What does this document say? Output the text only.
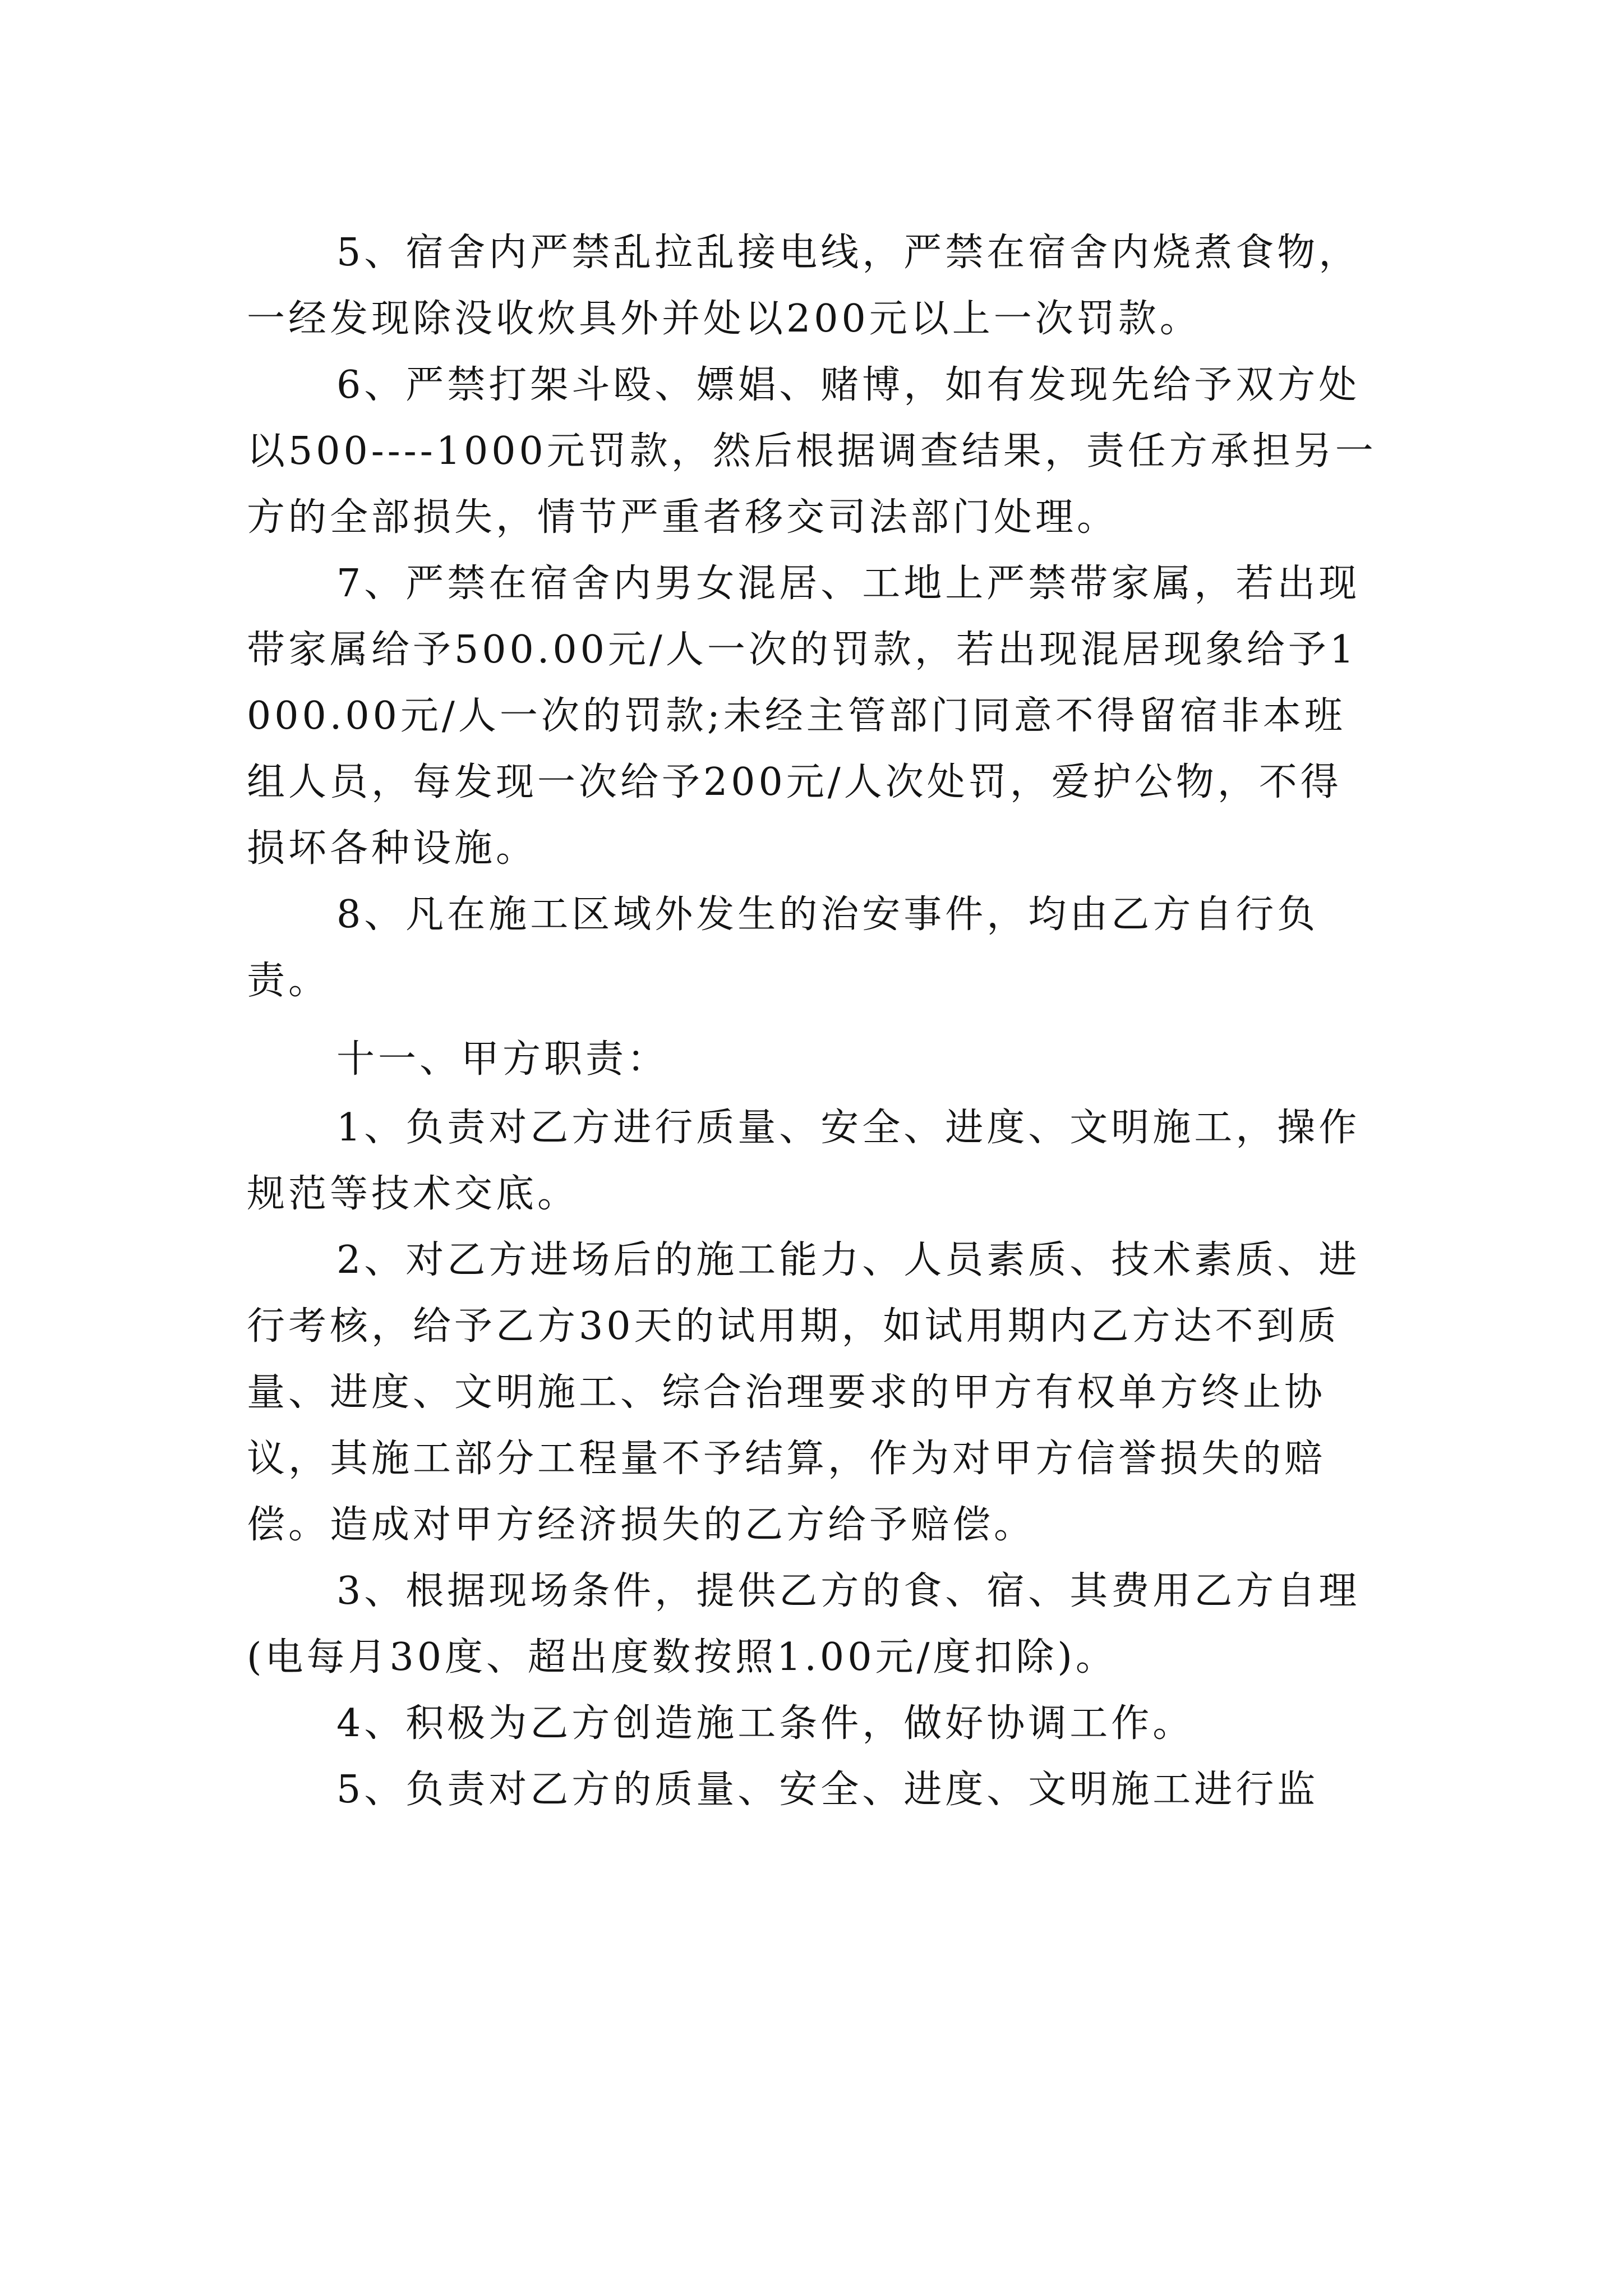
5、宿舍内严禁乱拉乱接电线，严禁在宿舍内烧煮食物，一经发现除没收炊具外并处以200元以上一次罚款。

6、严禁打架斗殴、嫖娼、赌博，如有发现先给予双方处以500----1000元罚款，然后根据调查结果，责任方承担另一方的全部损失，情节严重者移交司法部门处理。

7、严禁在宿舍内男女混居、工地上严禁带家属，若出现带家属给予500.00元/人一次的罚款，若出现混居现象给予1000.00元/人一次的罚款;未经主管部门同意不得留宿非本班组人员，每发现一次给予200元/人次处罚，爱护公物，不得损坏各种设施。

8、凡在施工区域外发生的治安事件，均由乙方自行负责。

十一、甲方职责：

1、负责对乙方进行质量、安全、进度、文明施工，操作规范等技术交底。

2、对乙方进场后的施工能力、人员素质、技术素质、进行考核，给予乙方30天的试用期，如试用期内乙方达不到质量、进度、文明施工、综合治理要求的甲方有权单方终止协议，其施工部分工程量不予结算，作为对甲方信誉损失的赔偿。造成对甲方经济损失的乙方给予赔偿。

3、根据现场条件，提供乙方的食、宿、其费用乙方自理(电每月30度、超出度数按照1.00元/度扣除)。

4、积极为乙方创造施工条件，做好协调工作。

5、负责对乙方的质量、安全、进度、文明施工进行监
